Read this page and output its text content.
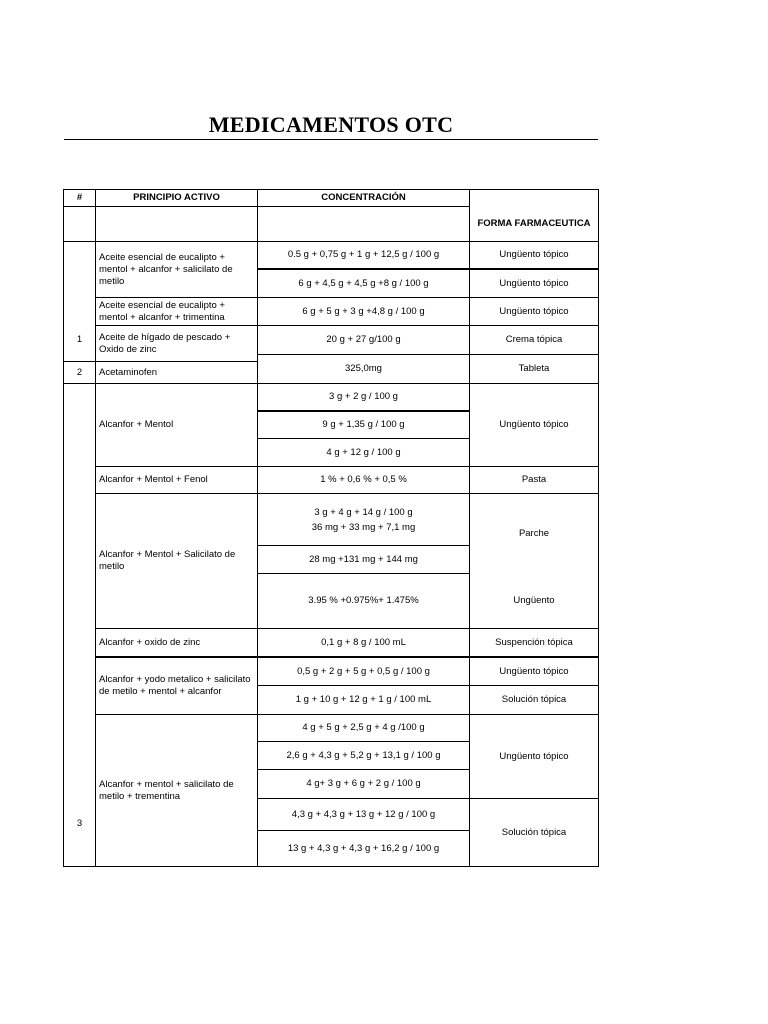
MEDICAMENTOS OTC
#	PRINCIPIO ACTIVO	CONCENTRACIÓN
FORMA FARMACEUTICA
1
2
3
Aceite esencial de eucalipto + mentol + alcanfor + salicilato de metilo
Aceite esencial de eucalipto + mentol + alcanfor + trimentina
Aceite de hígado de pescado + Oxido de zinc
Acetaminofen
Alcanfor + Mentol
Alcanfor + Mentol + Fenol
Alcanfor + Mentol + Salicilato de metilo
Alcanfor + oxido de zinc
Alcanfor + yodo metalico + salicilato de metilo + mentol + alcanfor
Alcanfor + mentol + salicilato de metilo + trementina
0.5 g + 0,75 g + 1 g + 12,5 g / 100 g
6 g + 4,5 g + 4,5 g +8 g / 100 g
6 g + 5 g + 3 g +4,8 g / 100 g
20 g + 27 g/100 g
325,0mg
3 g + 2 g / 100 g
9 g + 1,35 g / 100 g
4 g + 12 g / 100 g
1 % + 0,6 % + 0,5 %
3 g + 4 g + 14 g / 100 g
36 mg + 33 mg + 7,1 mg
28 mg +131 mg + 144 mg
3.95 % +0.975%+ 1.475%
0,1 g + 8 g / 100 mL
0,5 g + 2 g + 5 g + 0,5 g / 100 g
1 g + 10 g + 12 g + 1 g / 100 mL
4 g + 5 g + 2,5 g + 4 g /100 g
2,6 g + 4,3 g + 5,2 g + 13,1 g / 100 g
4 g+ 3 g + 6 g + 2 g / 100 g
4,3 g + 4,3 g + 13 g + 12 g / 100 g
13 g + 4,3 g + 4,3 g + 16,2 g / 100 g
Ungüento tópico
Ungüento tópico
Ungüento tópico
Crema tópica
Tableta
Ungüento tópico
Pasta
Parche
Ungüento
Suspención tópica
Ungüento tópico
Solución tópica
Ungüento tópico
Solución tópica
